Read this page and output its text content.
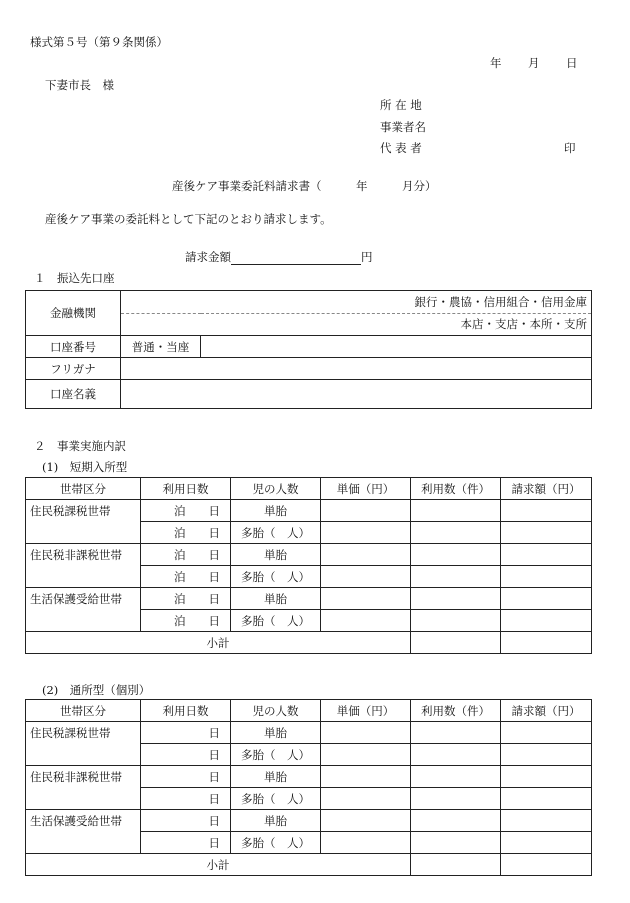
様式第５号（第９条関係）
年 月 日
下妻市長　様
所 在 地
事業者名
代 表 者	印
産後ケア事業委託料請求書（　　　年　　　月分）
産後ケア事業の委託料として下記のとおり請求します。
請求金額	円
１　振込先口座
金融機関	銀行・農協・信用組合・信用金庫	
	本店・支店・本所・支所	
口座番号	普通・当座	
フリガナ		
口座名義		
２　事業実施内訳
(1)　短期入所型
世帯区分	利用日数	児の人数	単価（円）	利用数（件）	請求額（円）
住民税課税世帯	泊　　日	単胎			
	泊　　日	多胎（　人）			
住民税非課税世帯	泊　　日	単胎			
	泊　　日	多胎（　人）			
生活保護受給世帯	泊　　日	単胎			
	泊　　日	多胎（　人）			
小計					
(2)　通所型（個別）
世帯区分	利用日数	児の人数	単価（円）	利用数（件）	請求額（円）
住民税課税世帯	日	単胎			
	日	多胎（　人）			
住民税非課税世帯	日	単胎			
	日	多胎（　人）			
生活保護受給世帯	日	単胎			
	日	多胎（　人）			
小計					
